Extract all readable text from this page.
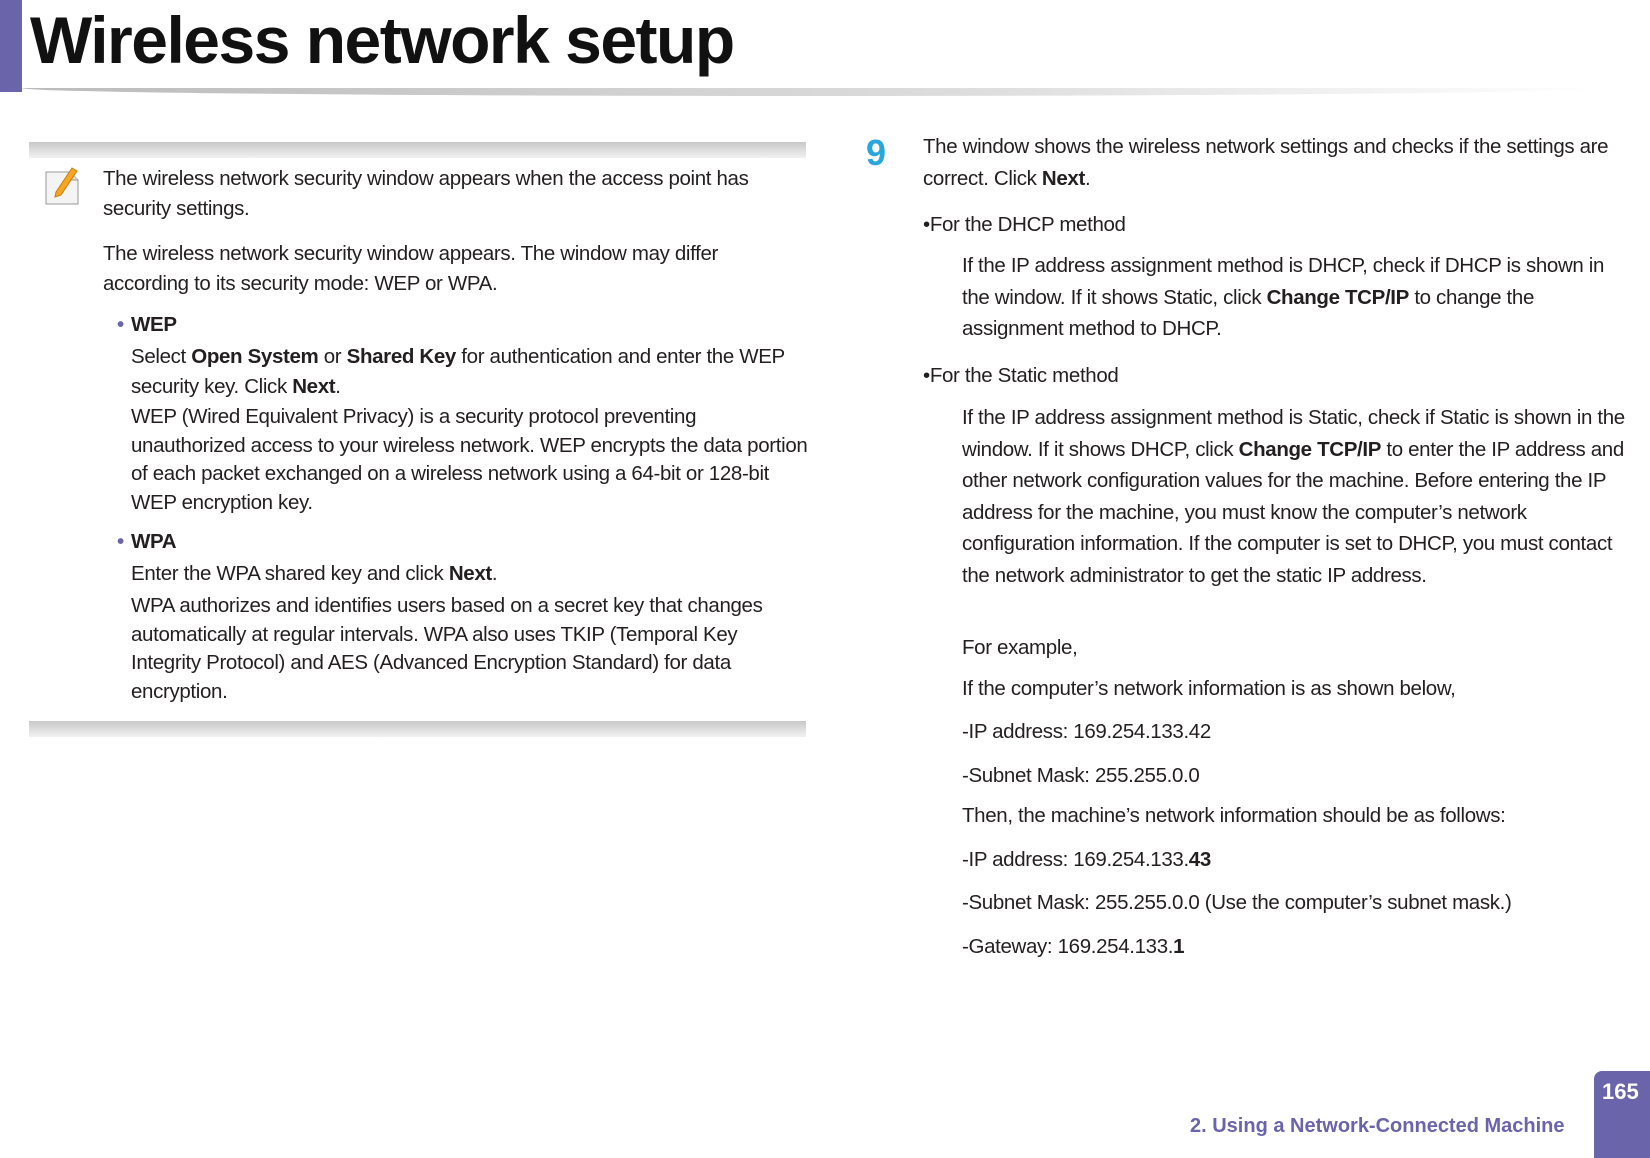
Wireless network setup
The wireless network security window appears when the access point has security settings.
The wireless network security window appears. The window may differ according to its security mode: WEP or WPA.
• WEP
Select Open System or Shared Key for authentication and enter the WEP security key. Click Next.
WEP (Wired Equivalent Privacy) is a security protocol preventing unauthorized access to your wireless network. WEP encrypts the data portion of each packet exchanged on a wireless network using a 64-bit or 128-bit WEP encryption key.
• WPA
Enter the WPA shared key and click Next.
WPA authorizes and identifies users based on a secret key that changes automatically at regular intervals. WPA also uses TKIP (Temporal Key Integrity Protocol) and AES (Advanced Encryption Standard) for data encryption.
9 The window shows the wireless network settings and checks if the settings are correct. Click Next.
•For the DHCP method
If the IP address assignment method is DHCP, check if DHCP is shown in the window. If it shows Static, click Change TCP/IP to change the assignment method to DHCP.
•For the Static method
If the IP address assignment method is Static, check if Static is shown in the window. If it shows DHCP, click Change TCP/IP to enter the IP address and other network configuration values for the machine. Before entering the IP address for the machine, you must know the computer’s network configuration information. If the computer is set to DHCP, you must contact the network administrator to get the static IP address.
For example,
If the computer’s network information is as shown below,
-IP address: 169.254.133.42
-Subnet Mask: 255.255.0.0
Then, the machine’s network information should be as follows:
-IP address: 169.254.133.43
-Subnet Mask: 255.255.0.0 (Use the computer’s subnet mask.)
-Gateway: 169.254.133.1
2. Using a Network-Connected Machine
165
